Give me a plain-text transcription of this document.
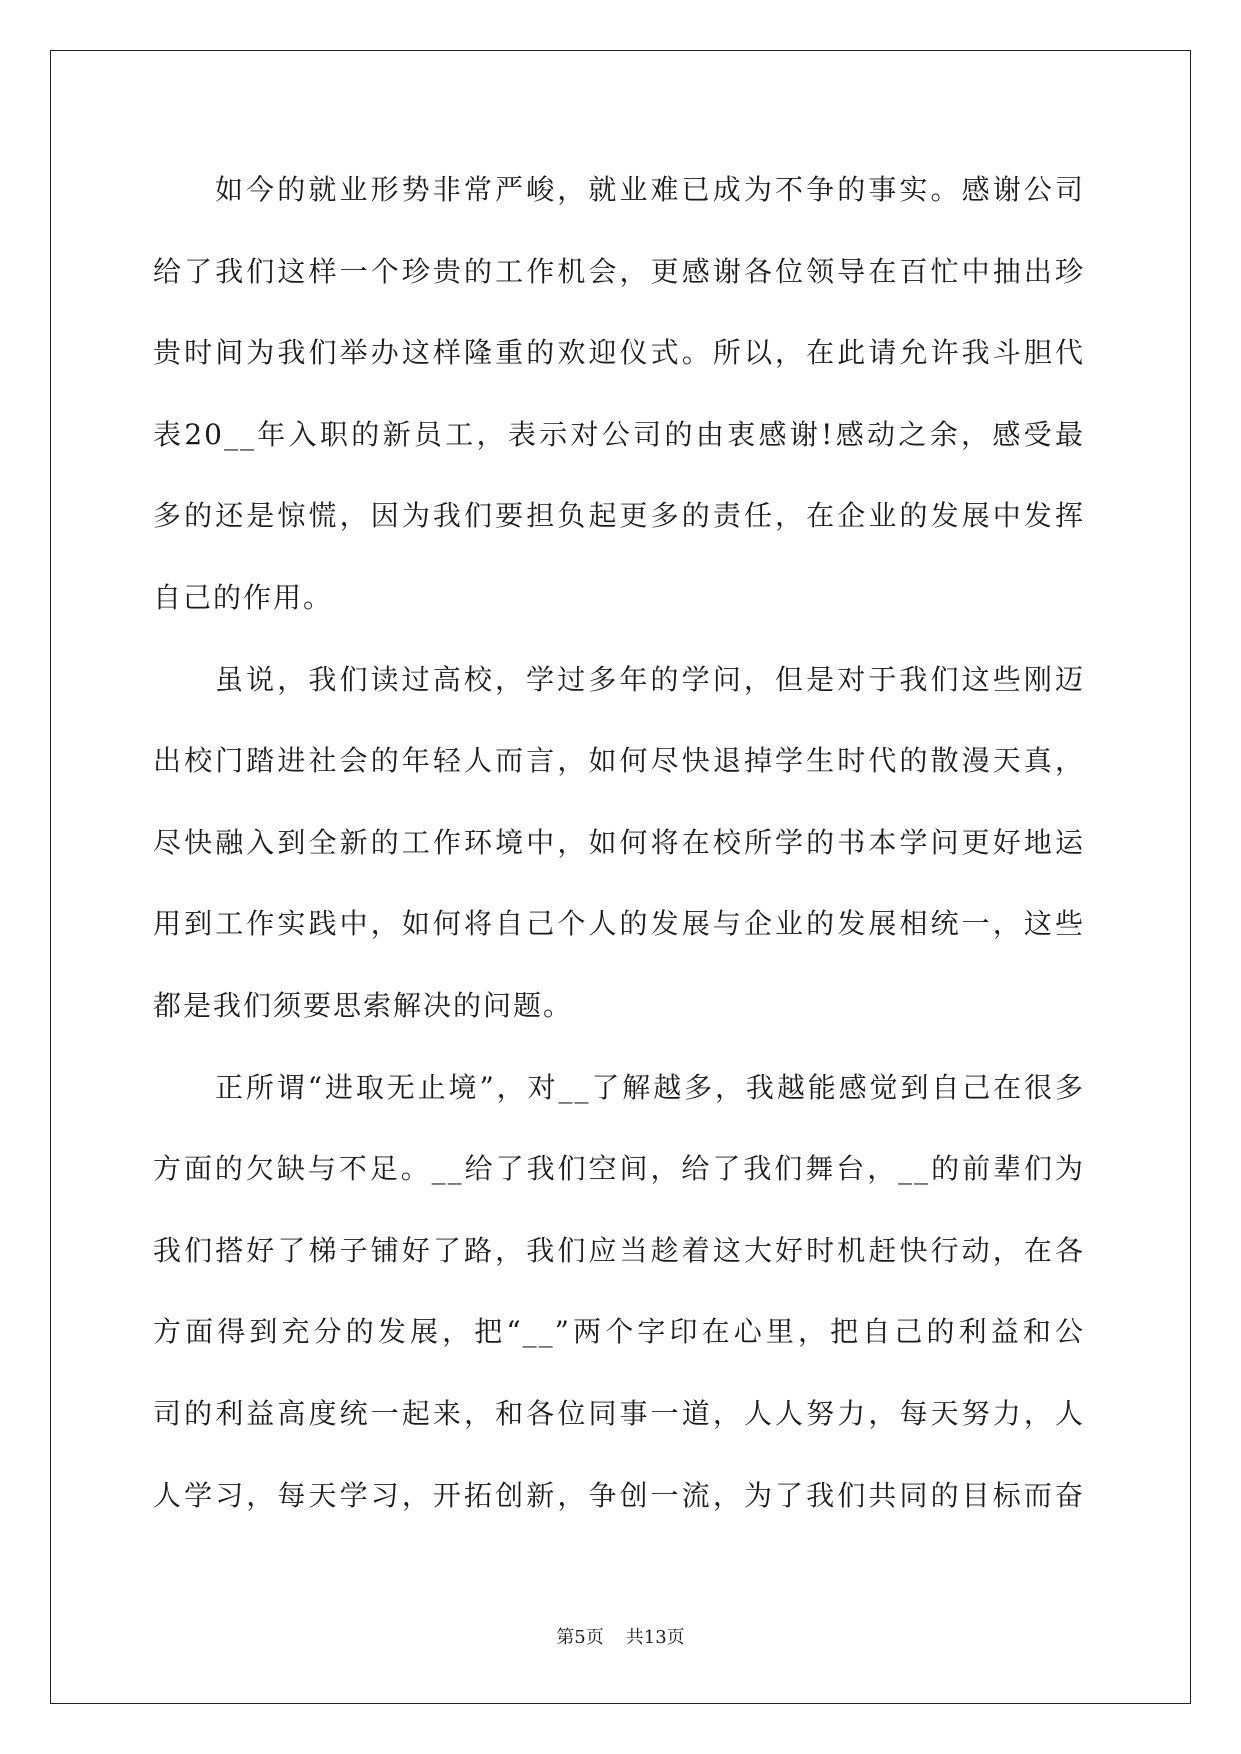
如今的就业形势非常严峻，就业难已成为不争的事实。感谢公司
给了我们这样一个珍贵的工作机会，更感谢各位领导在百忙中抽出珍
贵时间为我们举办这样隆重的欢迎仪式。所以，在此请允许我斗胆代
表20__年入职的新员工，表示对公司的由衷感谢!感动之余，感受最
多的还是惊慌，因为我们要担负起更多的责任，在企业的发展中发挥
自己的作用。
虽说，我们读过高校，学过多年的学问，但是对于我们这些刚迈
出校门踏进社会的年轻人而言，如何尽快退掉学生时代的散漫天真，
尽快融入到全新的工作环境中，如何将在校所学的书本学问更好地运
用到工作实践中，如何将自己个人的发展与企业的发展相统一，这些
都是我们须要思索解决的问题。
正所谓“进取无止境”，对__了解越多，我越能感觉到自己在很多
方面的欠缺与不足。__给了我们空间，给了我们舞台，__的前辈们为
我们搭好了梯子铺好了路，我们应当趁着这大好时机赶快行动，在各
方面得到充分的发展，把“__”两个字印在心里，把自己的利益和公
司的利益高度统一起来，和各位同事一道，人人努力，每天努力，人
人学习，每天学习，开拓创新，争创一流，为了我们共同的目标而奋
第5页 共13页
